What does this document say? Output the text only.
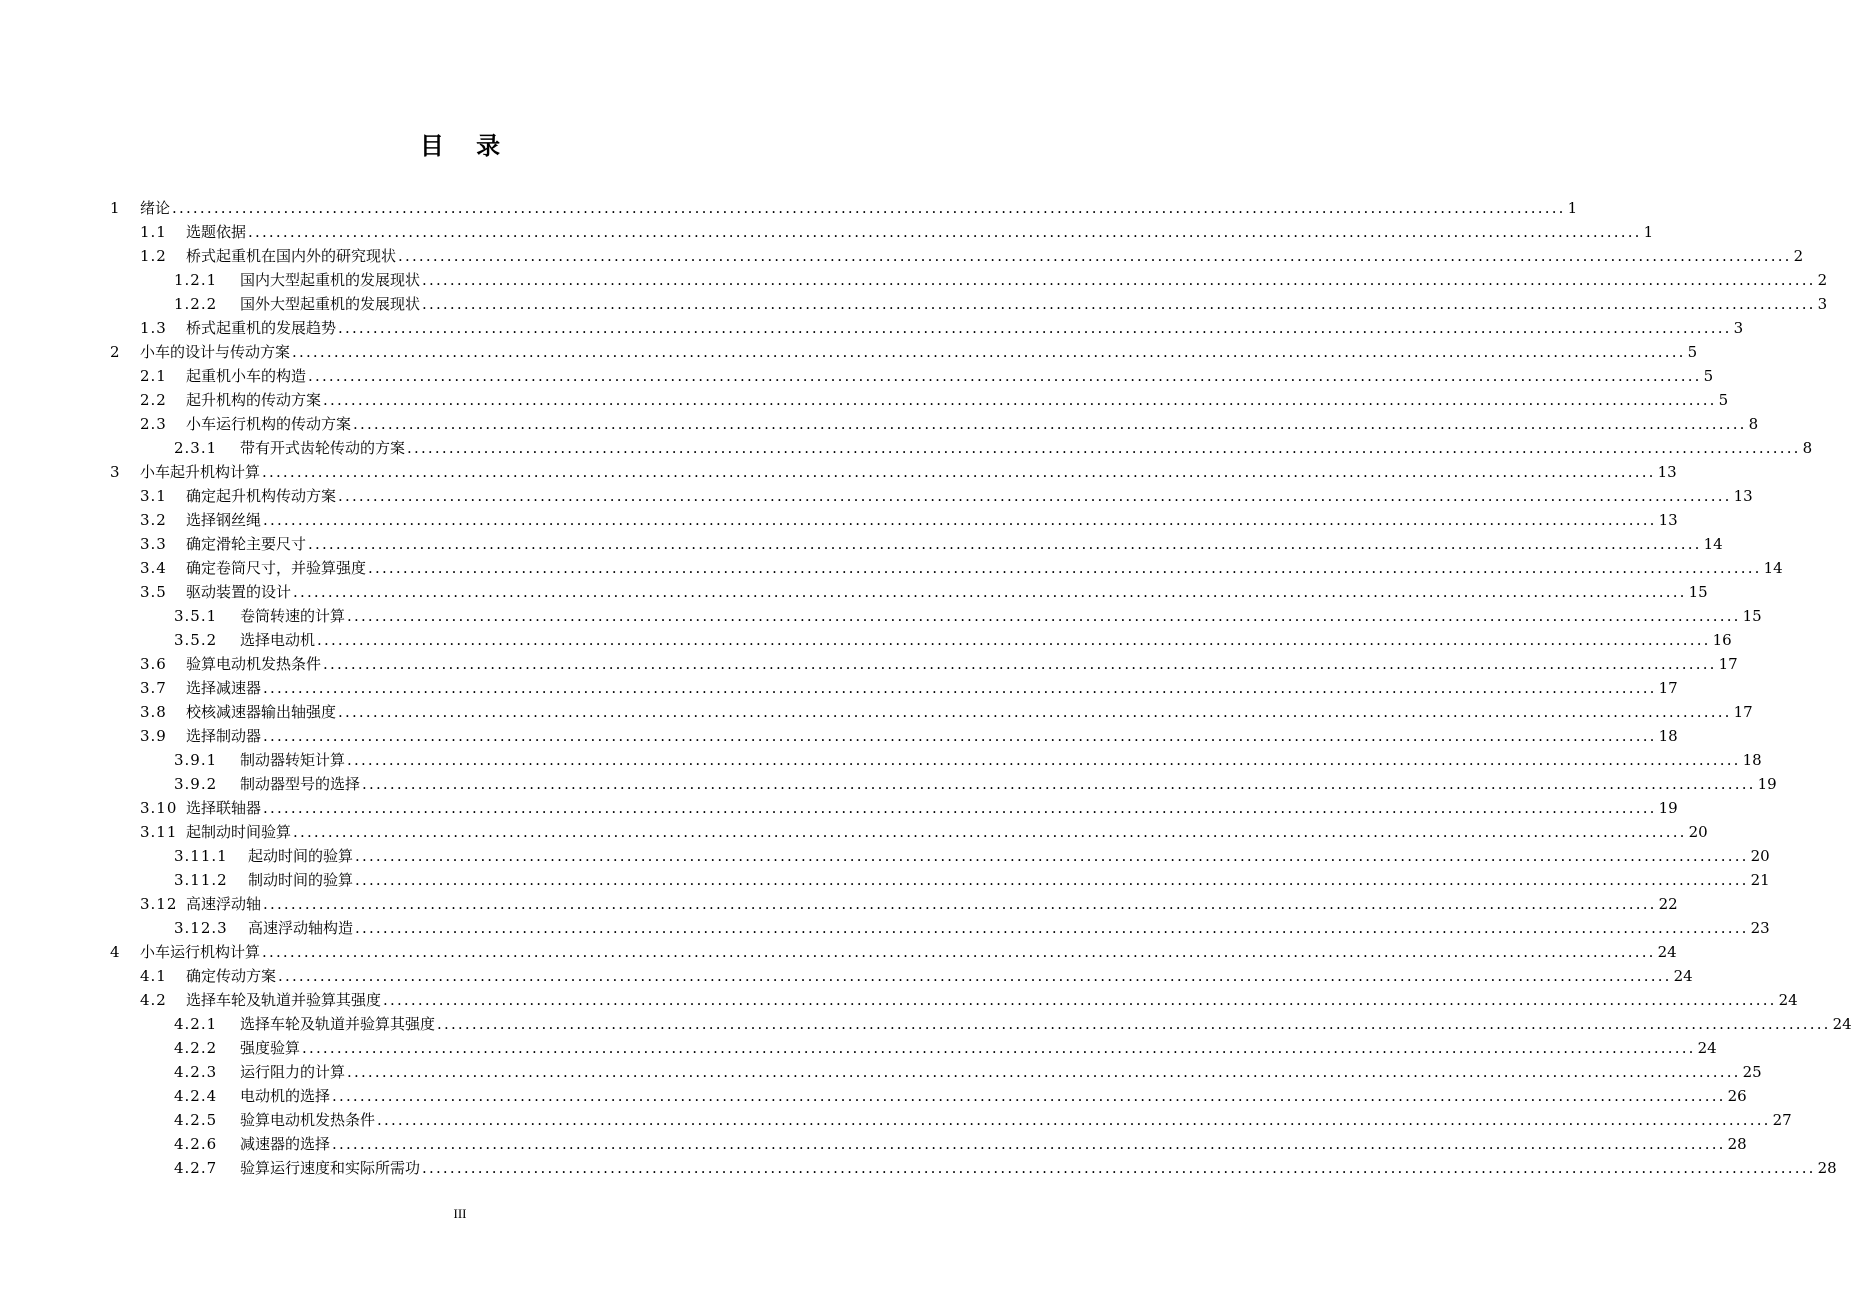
目 录
1	绪论 ........................................................................................................................................................................................................ 1
1.1	选题依据 ........................................................................................................................................................................................................ 1
1.2	桥式起重机在国内外的研究现状 ........................................................................................................................................................................................................ 2
1.2.1	国内大型起重机的发展现状 ........................................................................................................................................................................................................ 2
1.2.2	国外大型起重机的发展现状 ........................................................................................................................................................................................................ 3
1.3	桥式起重机的发展趋势 ........................................................................................................................................................................................................ 3
2	小车的设计与传动方案 ........................................................................................................................................................................................................ 5
2.1	起重机小车的构造 ........................................................................................................................................................................................................ 5
2.2	起升机构的传动方案 ........................................................................................................................................................................................................ 5
2.3	小车运行机构的传动方案 ........................................................................................................................................................................................................ 8
2.3.1	带有开式齿轮传动的方案 ........................................................................................................................................................................................................ 8
3	小车起升机构计算 ........................................................................................................................................................................................................ 13
3.1	确定起升机构传动方案 ........................................................................................................................................................................................................ 13
3.2	选择钢丝绳 ........................................................................................................................................................................................................ 13
3.3	确定滑轮主要尺寸 ........................................................................................................................................................................................................ 14
3.4	确定卷筒尺寸，并验算强度 ........................................................................................................................................................................................................ 14
3.5	驱动装置的设计 ........................................................................................................................................................................................................ 15
3.5.1	卷筒转速的计算 ........................................................................................................................................................................................................ 15
3.5.2	选择电动机 ........................................................................................................................................................................................................ 16
3.6	验算电动机发热条件 ........................................................................................................................................................................................................ 17
3.7	选择减速器 ........................................................................................................................................................................................................ 17
3.8	校核减速器输出轴强度 ........................................................................................................................................................................................................ 17
3.9	选择制动器 ........................................................................................................................................................................................................ 18
3.9.1	制动器转矩计算 ........................................................................................................................................................................................................ 18
3.9.2	制动器型号的选择 ........................................................................................................................................................................................................ 19
3.10 选择联轴器 ........................................................................................................................................................................................................ 19
3.11 起制动时间验算 ........................................................................................................................................................................................................ 20
3.11.1	起动时间的验算 ........................................................................................................................................................................................................ 20
3.11.2	制动时间的验算 ........................................................................................................................................................................................................ 21
3.12 高速浮动轴 ........................................................................................................................................................................................................ 22
3.12.3	高速浮动轴构造 ........................................................................................................................................................................................................ 23
4	小车运行机构计算 ........................................................................................................................................................................................................ 24
4.1	确定传动方案 ........................................................................................................................................................................................................ 24
4.2	选择车轮及轨道并验算其强度 ........................................................................................................................................................................................................ 24
4.2.1	选择车轮及轨道并验算其强度 ........................................................................................................................................................................................................ 24
4.2.2	强度验算 ........................................................................................................................................................................................................ 24
4.2.3	运行阻力的计算 ........................................................................................................................................................................................................ 25
4.2.4	电动机的选择 ........................................................................................................................................................................................................ 26
4.2.5	验算电动机发热条件 ........................................................................................................................................................................................................ 27
4.2.6	减速器的选择 ........................................................................................................................................................................................................ 28
4.2.7	验算运行速度和实际所需功 ........................................................................................................................................................................................................ 28
III
